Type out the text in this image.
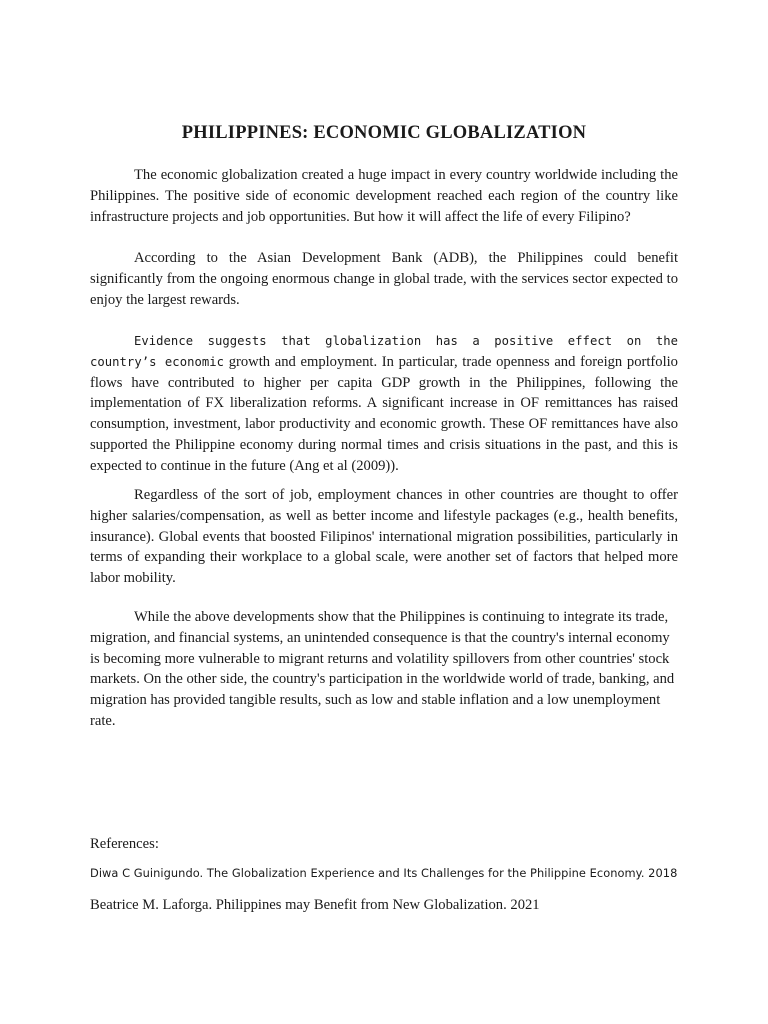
PHILIPPINES: ECONOMIC GLOBALIZATION

The economic globalization created a huge impact in every country worldwide including the Philippines. The positive side of economic development reached each region of the country like infrastructure projects and job opportunities. But how it will affect the life of every Filipino?

According to the Asian Development Bank (ADB), the Philippines could benefit significantly from the ongoing enormous change in global trade, with the services sector expected to enjoy the largest rewards.

Evidence suggests that globalization has a positive effect on the country’s economic growth and employment. In particular, trade openness and foreign portfolio flows have contributed to higher per capita GDP growth in the Philippines, following the implementation of FX liberalization reforms. A significant increase in OF remittances has raised consumption, investment, labor productivity and economic growth. These OF remittances have also supported the Philippine economy during normal times and crisis situations in the past, and this is expected to continue in the future (Ang et al (2009)).

Regardless of the sort of job, employment chances in other countries are thought to offer higher salaries/compensation, as well as better income and lifestyle packages (e.g., health benefits, insurance). Global events that boosted Filipinos' international migration possibilities, particularly in terms of expanding their workplace to a global scale, were another set of factors that helped more labor mobility.

While the above developments show that the Philippines is continuing to integrate its trade, migration, and financial systems, an unintended consequence is that the country's internal economy is becoming more vulnerable to migrant returns and volatility spillovers from other countries' stock markets. On the other side, the country's participation in the worldwide world of trade, banking, and migration has provided tangible results, such as low and stable inflation and a low unemployment rate.

References:

Diwa C Guinigundo. The Globalization Experience and Its Challenges for the Philippine Economy. 2018

Beatrice M. Laforga. Philippines may Benefit from New Globalization. 2021
